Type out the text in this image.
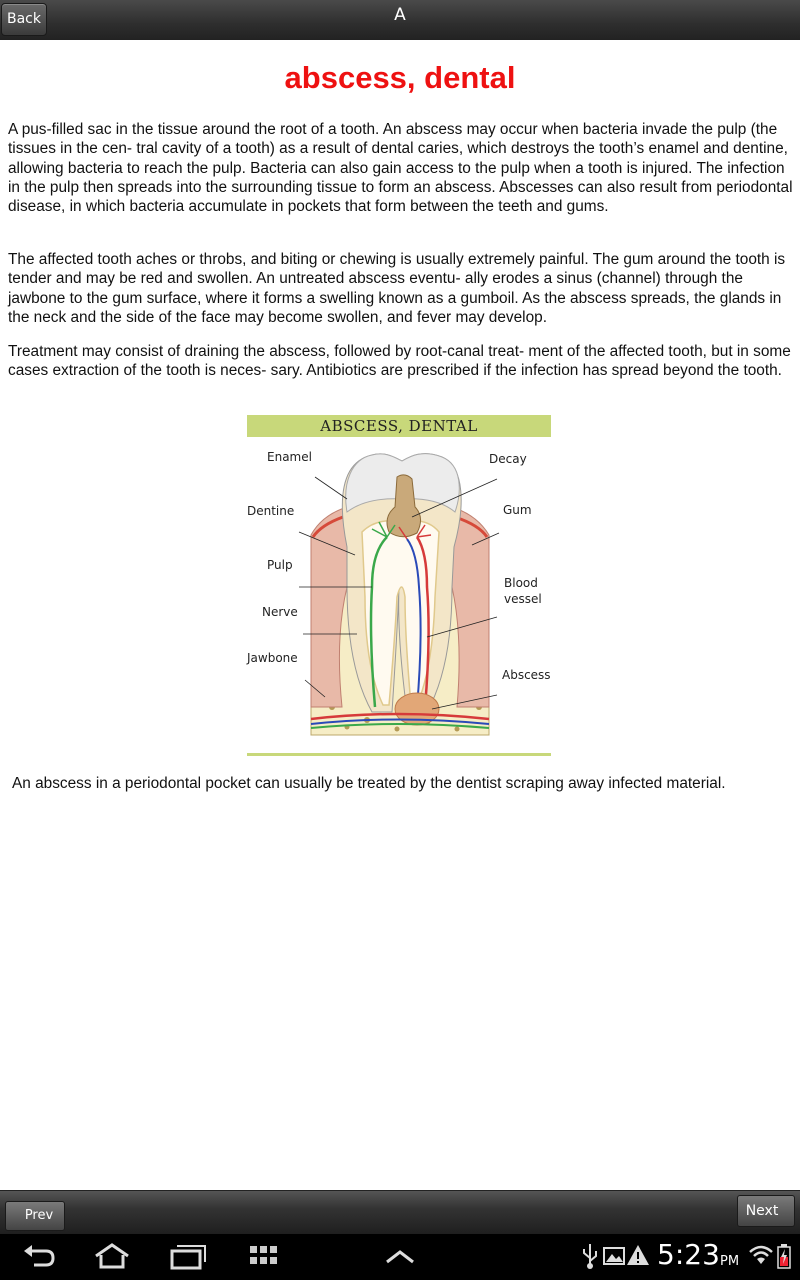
Back	A
abscess, dental

A pus-filled sac in the tissue around the root of a tooth. An abscess may occur when bacteria invade the pulp (the tissues in the cen- tral cavity of a tooth) as a result of dental caries, which destroys the tooth’s enamel and dentine, allowing bacteria to reach the pulp. Bacteria can also gain access to the pulp when a tooth is injured. The infection in the pulp then spreads into the surrounding tissue to form an abscess. Abscesses can also result from periodontal disease, in which bacteria accumulate in pockets that form between the teeth and gums.

The affected tooth aches or throbs, and biting or chewing is usually extremely painful. The gum around the tooth is tender and may be red and swollen. An untreated abscess eventu- ally erodes a sinus (channel) through the jawbone to the gum surface, where it forms a swelling known as a gumboil. As the abscess spreads, the glands in the neck and the side of the face may become swollen, and fever may develop.

Treatment may consist of draining the abscess, followed by root-canal treat- ment of the affected tooth, but in some cases extraction of the tooth is neces- sary. Antibiotics are prescribed if the infection has spread beyond the tooth.

ABSCESS, DENTAL
Enamel	Decay
Dentine	Gum
Pulp
Blood
vessel
Nerve
Jawbone
Abscess

An abscess in a periodontal pocket can usually be treated by the dentist scraping away infected material.

Prev	Next
5:23 PM
